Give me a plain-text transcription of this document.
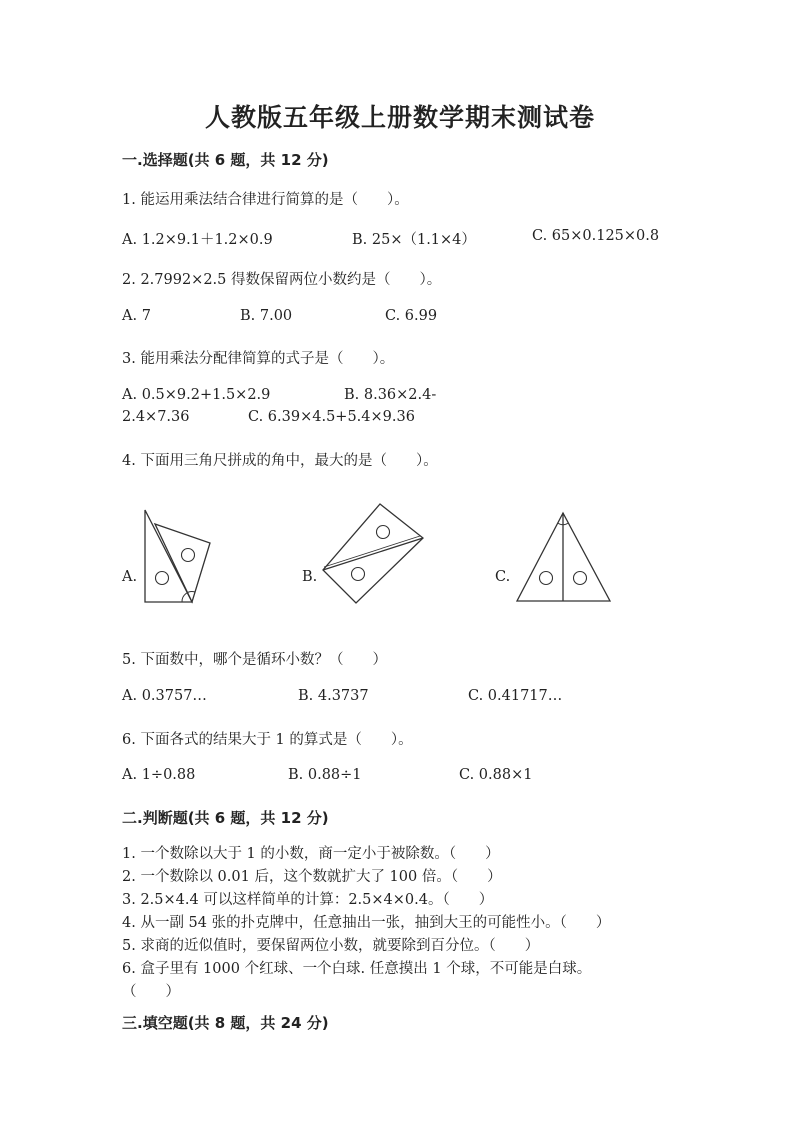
人教版五年级上册数学期末测试卷
一.选择题(共 6 题，共 12 分)
1. 能运用乘法结合律进行简算的是（　　）。
A. 1.2×9.1＋1.2×0.9	B. 25×（1.1×4）	C. 65×0.125×0.8
2. 2.7992×2.5 得数保留两位小数约是（　　）。
A. 7	B. 7.00	C. 6.99
3. 能用乘法分配律简算的式子是（　　）。
A. 0.5×9.2+1.5×2.9	B. 8.36×2.4-
2.4×7.36	C. 6.39×4.5+5.4×9.36
4. 下面用三角尺拼成的角中，最大的是（　　）。
A.	B.	C.
5. 下面数中，哪个是循环小数？（　　）
A. 0.3757…	B. 4.3737	C. 0.41717…
6. 下面各式的结果大于 1 的算式是（　　）。
A. 1÷0.88	B. 0.88÷1	C. 0.88×1
二.判断题(共 6 题，共 12 分)
1. 一个数除以大于 1 的小数，商一定小于被除数。（　　）
2. 一个数除以 0.01 后，这个数就扩大了 100 倍。（　　）
3. 2.5×4.4 可以这样简单的计算：2.5×4×0.4。（　　）
4. 从一副 54 张的扑克牌中，任意抽出一张，抽到大王的可能性小。（　　）
5. 求商的近似值时，要保留两位小数，就要除到百分位。（　　）
6. 盒子里有 1000 个红球、一个白球. 任意摸出 1 个球，不可能是白球。
（　　）
三.填空题(共 8 题，共 24 分)
